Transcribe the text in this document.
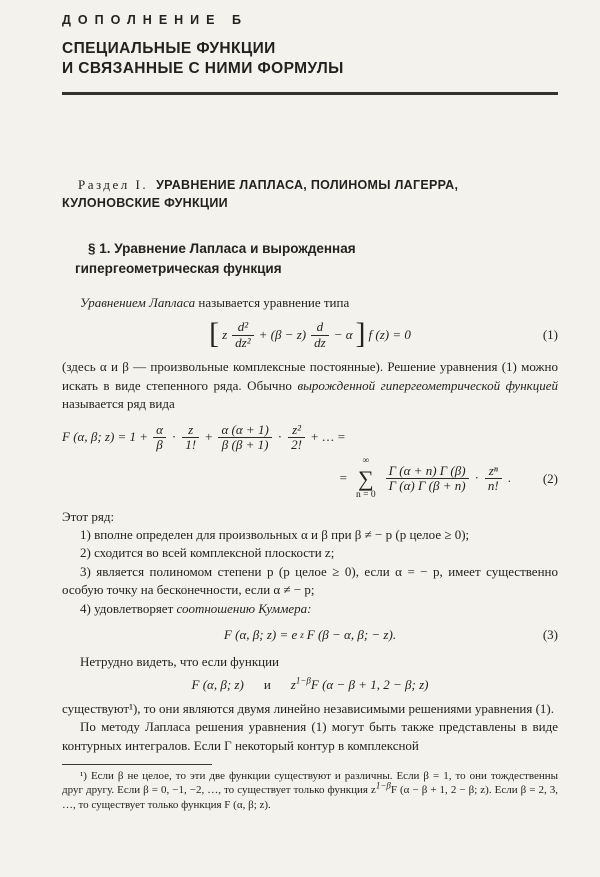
ДОПОЛНЕНИЕ Б
СПЕЦИАЛЬНЫЕ ФУНКЦИИ
И СВЯЗАННЫЕ С НИМИ ФОРМУЛЫ
Раздел I. УРАВНЕНИЕ ЛАПЛАСА, ПОЛИНОМЫ ЛАГЕРРА,
КУЛОНОВСКИЕ ФУНКЦИИ
§ 1. Уравнение Лапласа и вырожденная
гипергеометрическая функция

Уравнением Лапласа называется уравнение типа

[ z $\frac{\text{d²}}{\text{dz²}} + (\beta - z) \frac{d}{dz} - \alpha$ ] f (z) = 0	(1)

(здесь α и β — произвольные комплексные постоянные). Решение уравнения (1) можно искать в виде степенного ряда. Обычно вырожденной гипергеометрической функцией называется ряд вида

F (α, β; $z) = 1 + \frac{\alpha}{\beta} \cdot \frac{z}{1!} + \frac{\alpha (\alpha + 1)}{\beta (\beta + 1)} \cdot \frac{\text{z²}}{2!}$ + … =
=
∞
∑
n = 0
$\frac{\Gamma (\alpha + n) \Gamma (\beta)}{\Gamma (\alpha) \Gamma (\beta + n)} \cdot \frac{\text{zⁿ}}{n!}$ . (2)

Этот ряд:

1) вполне определен для произвольных α и β при β ≠ − p (p целое ≥ 0);

2) сходится во всей комплексной плоскости z;

3) является полиномом степени p (p целое ≥ 0), если α = − p, имеет существенно особую точку на бесконечности, если α ≠ − p;

4) удовлетворяет соотношению Куммера:

F (α, β; z) = e z F (β − α, β; − z).	(3)

Нетрудно видеть, что если функции

F (α, β; z) и $z^{1-\beta}F$ (α − β + 1, 2 − β; z)

существуют¹), то они являются двумя линейно независимыми решениями уравнения (1).

По методу Лапласа решения уравнения (1) могут быть также представлены в виде контурных интегралов. Если Γ некоторый контур в комплексной

¹) Если β не целое, то эти две функции существуют и различны. Если β = 1, то они тождественны друг другу. Если β = 0, −1, −2, …, то существует только функция $z^{1-\beta}F$ (α − β + 1, 2 − β; z). Если β = 2, 3, …, то существует только функция F (α, β; z).
